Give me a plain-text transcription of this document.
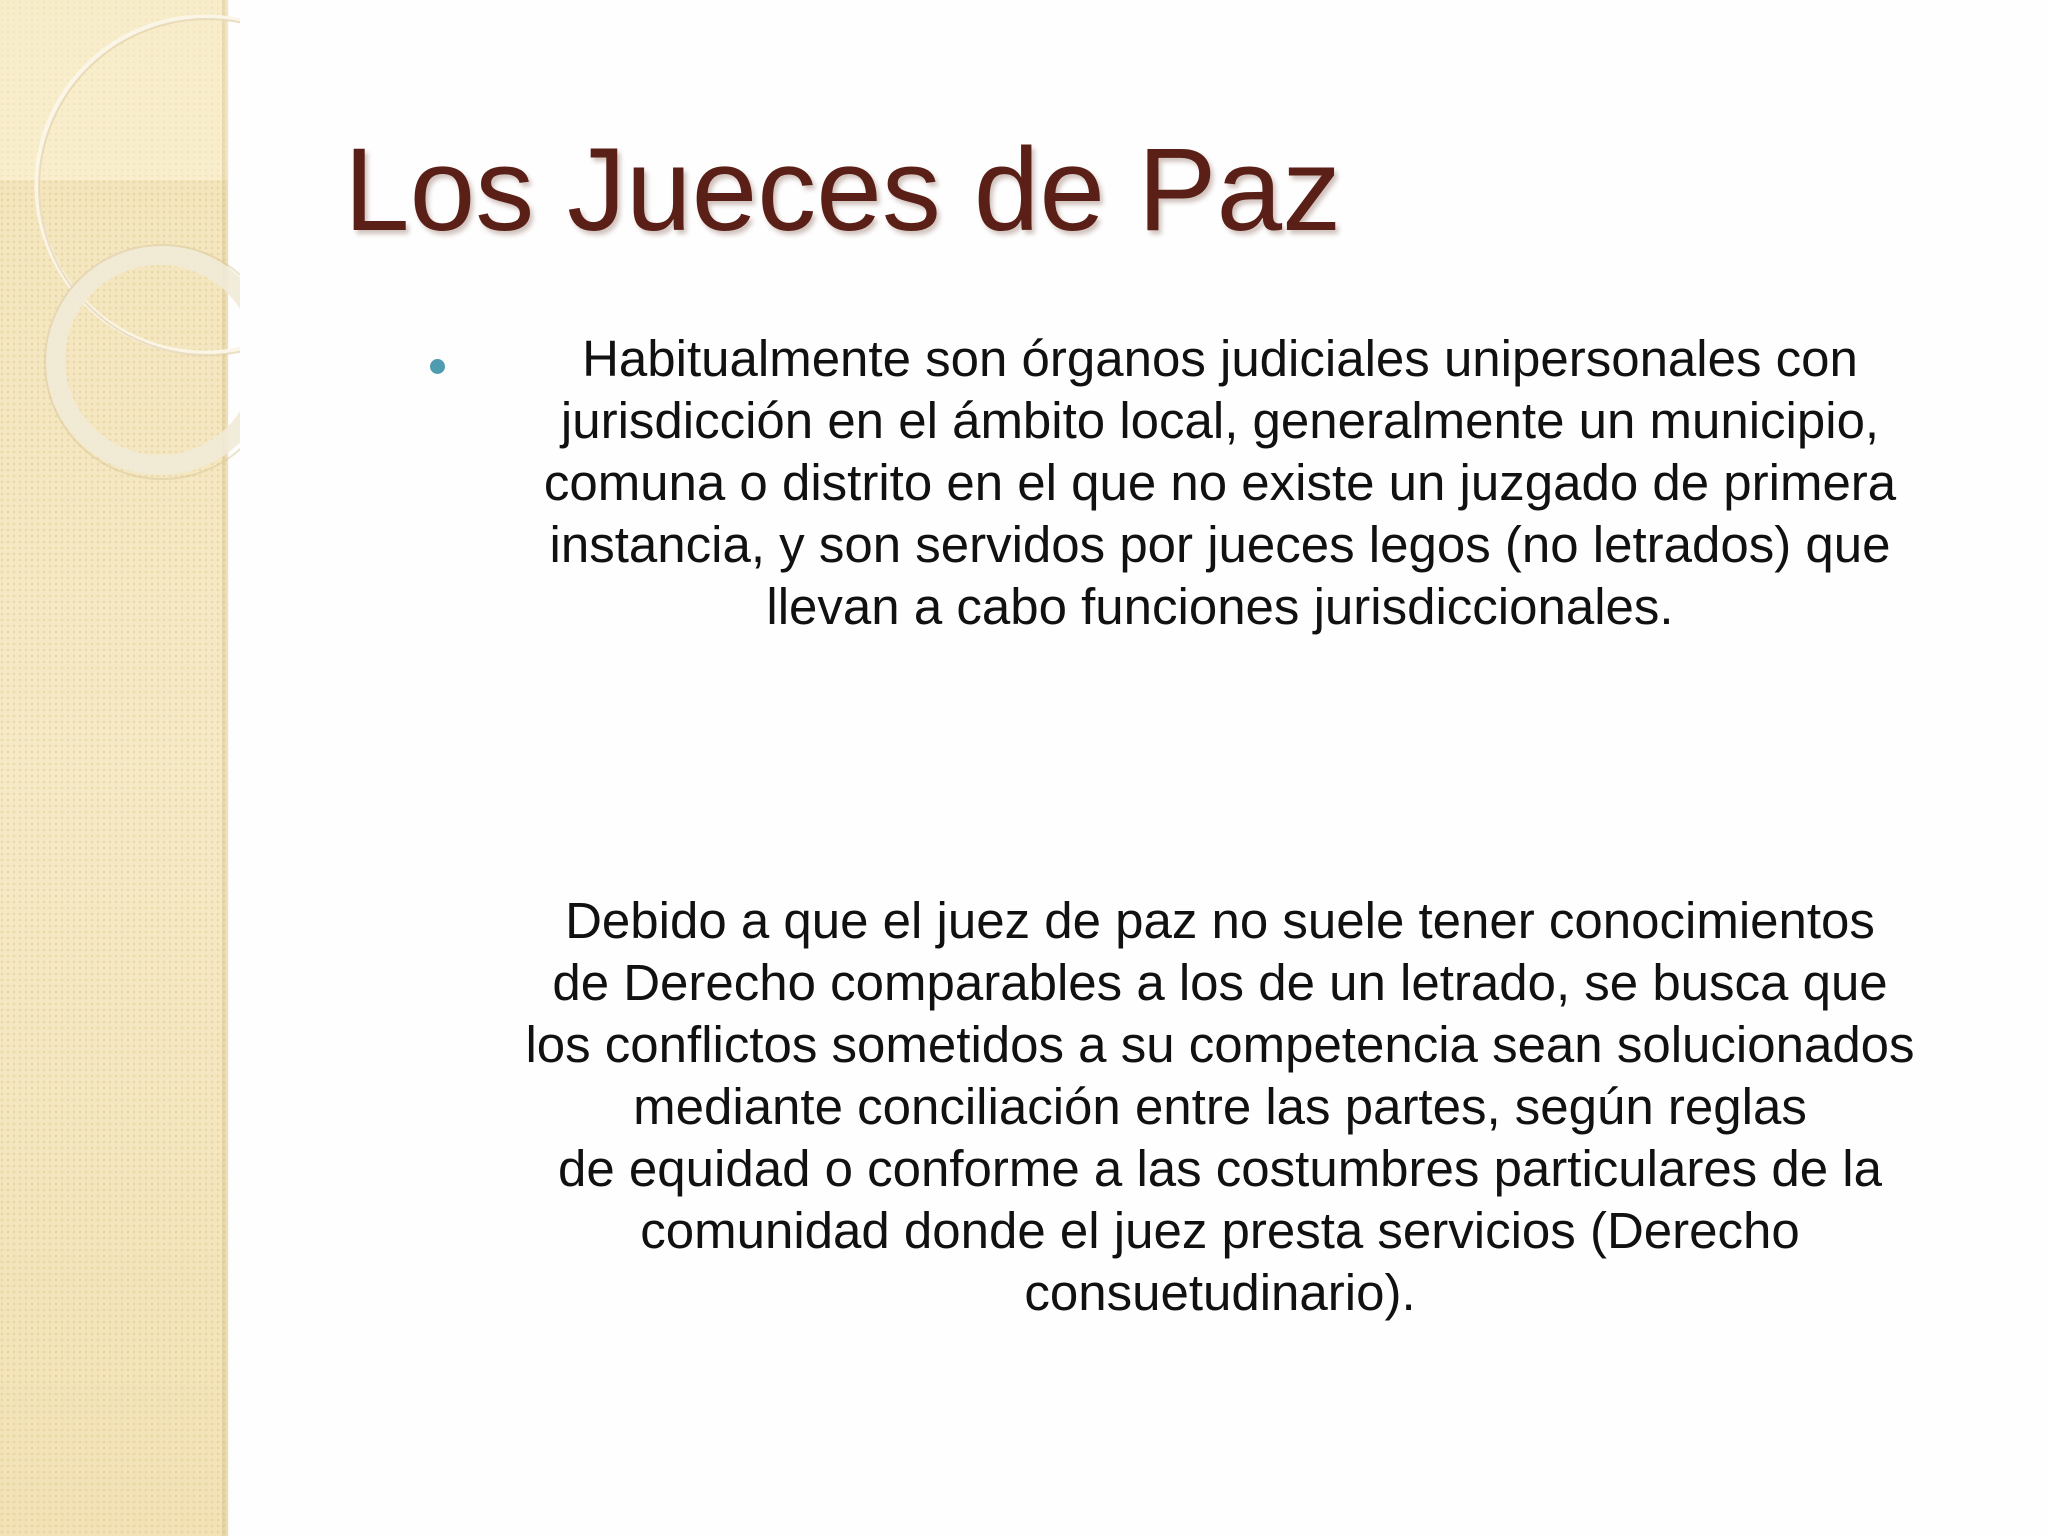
Los Jueces de Paz
Habitualmente son órganos judiciales unipersonales con
jurisdicción en el ámbito local, generalmente un municipio,
comuna o distrito en el que no existe un juzgado de primera
instancia, y son servidos por jueces legos (no letrados) que
llevan a cabo funciones jurisdiccionales.
Debido a que el juez de paz no suele tener conocimientos
de Derecho comparables a los de un letrado, se busca que
los conflictos sometidos a su competencia sean solucionados
mediante conciliación entre las partes, según reglas
de equidad o conforme a las costumbres particulares de la
comunidad donde el juez presta servicios (Derecho
consuetudinario).
